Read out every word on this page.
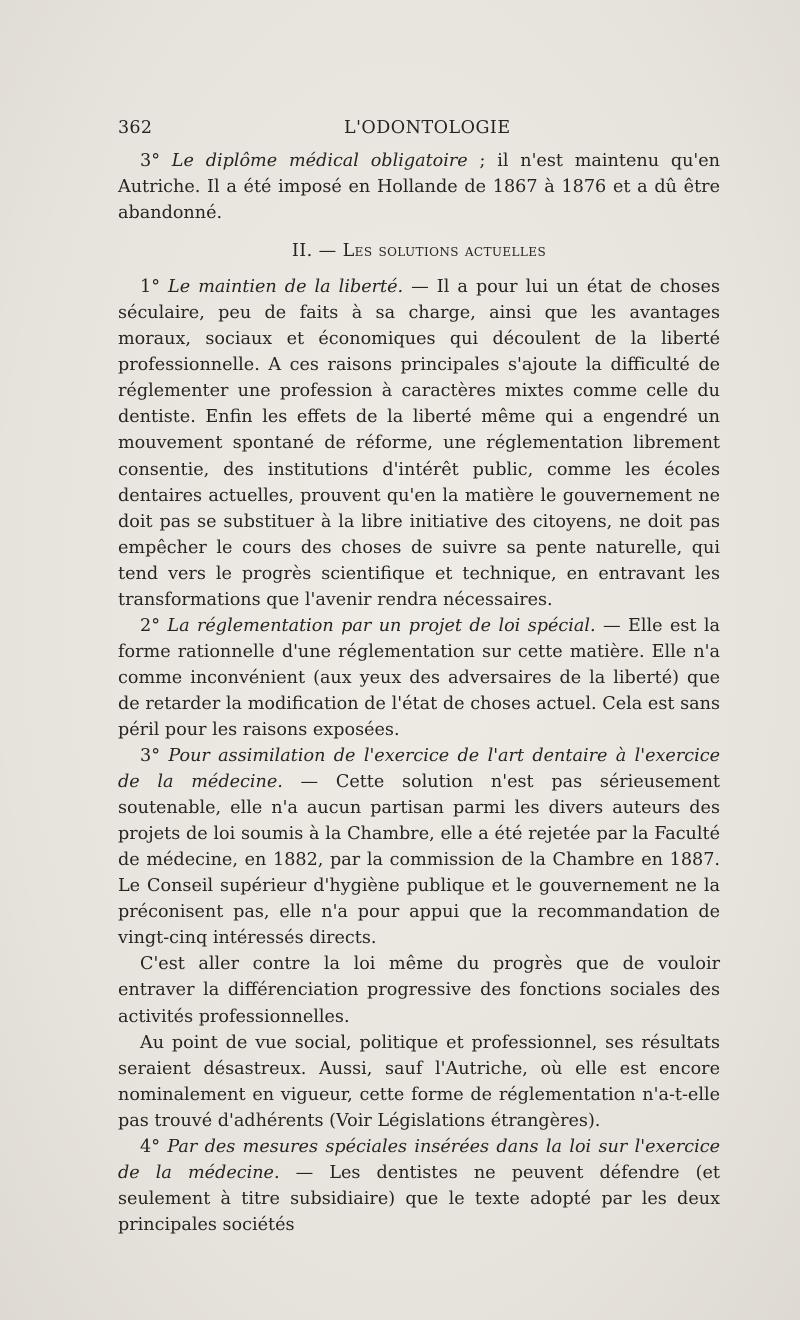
362	L'ODONTOLOGIE

3° Le diplôme médical obligatoire ; il n'est maintenu qu'en Autriche. Il a été imposé en Hollande de 1867 à 1876 et a dû être abandonné.

II. — Les solutions actuelles

1° Le maintien de la liberté. — Il a pour lui un état de choses séculaire, peu de faits à sa charge, ainsi que les avantages moraux, sociaux et économiques qui découlent de la liberté professionnelle. A ces raisons principales s'ajoute la difficulté de réglementer une profession à caractères mixtes comme celle du dentiste. Enfin les effets de la liberté même qui a engendré un mouvement spontané de réforme, une réglementation librement consentie, des institutions d'intérêt public, comme les écoles dentaires actuelles, prouvent qu'en la matière le gouvernement ne doit pas se substituer à la libre initiative des citoyens, ne doit pas empêcher le cours des choses de suivre sa pente naturelle, qui tend vers le progrès scientifique et technique, en entravant les transformations que l'avenir rendra nécessaires.

2° La réglementation par un projet de loi spécial. — Elle est la forme rationnelle d'une réglementation sur cette matière. Elle n'a comme inconvénient (aux yeux des adversaires de la liberté) que de retarder la modification de l'état de choses actuel. Cela est sans péril pour les raisons exposées.

3° Pour assimilation de l'exercice de l'art dentaire à l'exercice de la médecine. — Cette solution n'est pas sérieusement soutenable, elle n'a aucun partisan parmi les divers auteurs des projets de loi soumis à la Chambre, elle a été rejetée par la Faculté de médecine, en 1882, par la commission de la Chambre en 1887. Le Conseil supérieur d'hygiène publique et le gouvernement ne la préconisent pas, elle n'a pour appui que la recommandation de vingt-cinq intéressés directs.

C'est aller contre la loi même du progrès que de vouloir entraver la différenciation progressive des fonctions sociales des activités professionnelles.

Au point de vue social, politique et professionnel, ses résultats seraient désastreux. Aussi, sauf l'Autriche, où elle est encore nominalement en vigueur, cette forme de réglementation n'a-t-elle pas trouvé d'adhérents (Voir Législations étrangères).

4° Par des mesures spéciales insérées dans la loi sur l'exercice de la médecine. — Les dentistes ne peuvent défendre (et seulement à titre subsidiaire) que le texte adopté par les deux principales sociétés
